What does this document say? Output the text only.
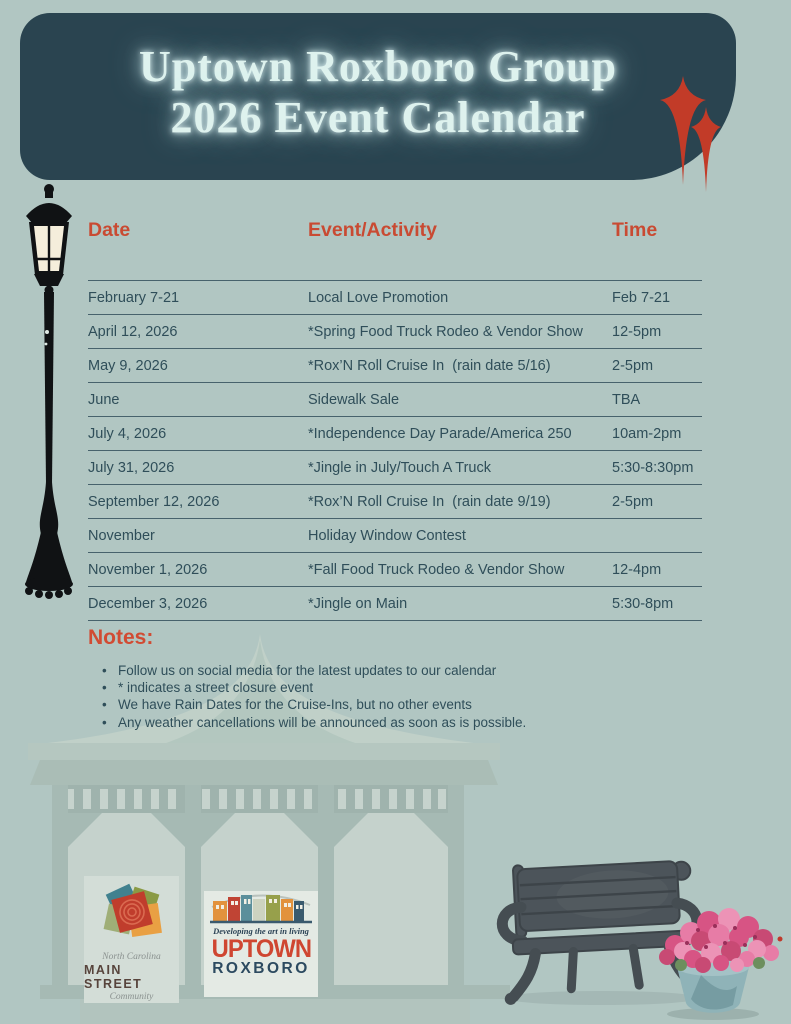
Uptown Roxboro Group
2026 Event Calendar
Date	Event/Activity	Time
February 7-21	Local Love Promotion	Feb 7-21
April 12, 2026	*Spring Food Truck Rodeo & Vendor Show	12-5pm
May 9, 2026	*Rox’N Roll Cruise In  (rain date 5/16)	2-5pm
June	Sidewalk Sale	TBA
July 4, 2026	*Independence Day Parade/America 250	10am-2pm
July 31, 2026	*Jingle in July/Touch A Truck	5:30-8:30pm
September 12, 2026	*Rox’N Roll Cruise In  (rain date 9/19)	2-5pm
November	Holiday Window Contest
November 1, 2026	*Fall Food Truck Rodeo & Vendor Show	12-4pm
December 3, 2026	*Jingle on Main	5:30-8pm
Notes:
• Follow us on social media for the latest updates to our calendar
• * indicates a street closure event
• We have Rain Dates for the Cruise-Ins, but no other events
• Any weather cancellations will be announced as soon as is possible.
North Carolina
MAIN STREET
Community
Developing the art in living
UPTOWN
ROXBORO
